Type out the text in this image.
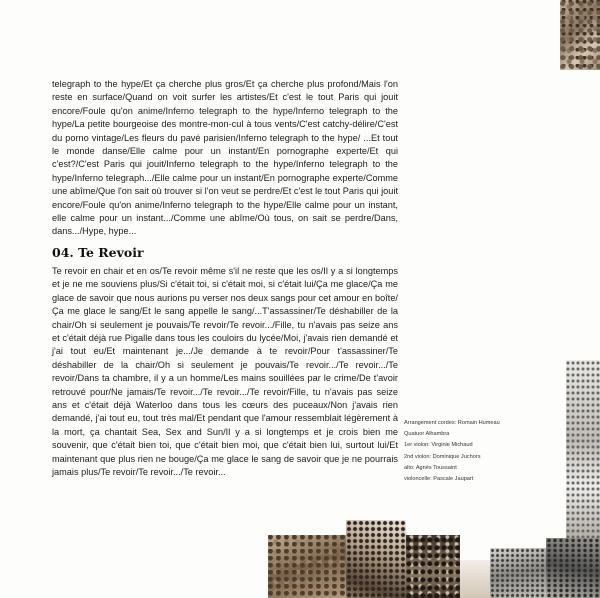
telegraph to the hype/Et ça cherche plus gros/Et ça cherche plus profond/Mais l'on reste en surface/Quand on voit surfer les artistes/Et c'est le tout Paris qui jouit encore/Foule qu'on anime/Inferno telegraph to the hype/Inferno telegraph to the hype/La petite bourgeoise des montre-mon-cul à tous vents/C'est catchy-délire/C'est du porno vintage/Les fleurs du pavé parisien/Inferno telegraph to the hype/ ...Et tout le monde danse/Elle calme pour un instant/En pornographe experte/Et qui c'est?/C'est Paris qui jouit/Inferno telegraph to the hype/Inferno telegraph to the hype/Inferno telegraph.../Elle calme pour un instant/En pornographe experte/Comme une abîme/Que l'on sait où trouver si l'on veut se perdre/Et c'est le tout Paris qui jouit encore/Foule qu'on anime/Inferno telegraph to the hype/Elle calme pour un instant, elle calme pour un instant.../Comme une abîme/Où tous, on sait se perdre/Dans, dans.../Hype, hype...

04. Te Revoir

Te revoir en chair et en os/Te revoir même s'il ne reste que les os/Il y a si longtemps et je ne me souviens plus/Si c'était toi, si c'était moi, si c'était lui/Ça me glace/Ça me glace de savoir que nous aurions pu verser nos deux sangs pour cet amour en boîte/Ça me glace le sang/Et le sang appelle le sang/...T'assassiner/Te déshabiller de la chair/Oh si seulement je pouvais/Te revoir/Te revoir.../Fille, tu n'avais pas seize ans et c'était déjà rue Pigalle dans tous les couloirs du lycée/Moi, j'avais rien demandé et j'ai tout eu/Et maintenant je.../Je demande à te revoir/Pour t'assassiner/Te déshabiller de la chair/Oh si seulement je pouvais/Te revoir.../Te revoir.../Te revoir/Dans ta chambre, il y a un homme/Les mains souillées par le crime/De t'avoir retrouvé pour/Ne jamais/Te revoir.../Te revoir.../Te revoir/Fille, tu n'avais pas seize ans et c'était déjà Waterloo dans tous les cœurs des puceaux/Non j'avais rien demandé, j'ai tout eu, tout très mal/Et pendant que l'amour ressemblait légèrement à la mort, ça chantait Sea, Sex and Sun/Il y a si longtemps et je crois bien me souvenir, que c'était bien toi, que c'était bien moi, que c'était bien lui, surtout lui/Et maintenant que plus rien ne bouge/Ça me glace le sang de savoir que je ne pourrais jamais plus/Te revoir/Te revoir.../Te revoir...

Arrangement cordes: Romain Humeau
Quatuor Alhambra
1er violon: Virginie Michaud
2nd violon: Dominique Juchors
alto: Agnès Toussaint
violoncelle: Pascale Jaupart
